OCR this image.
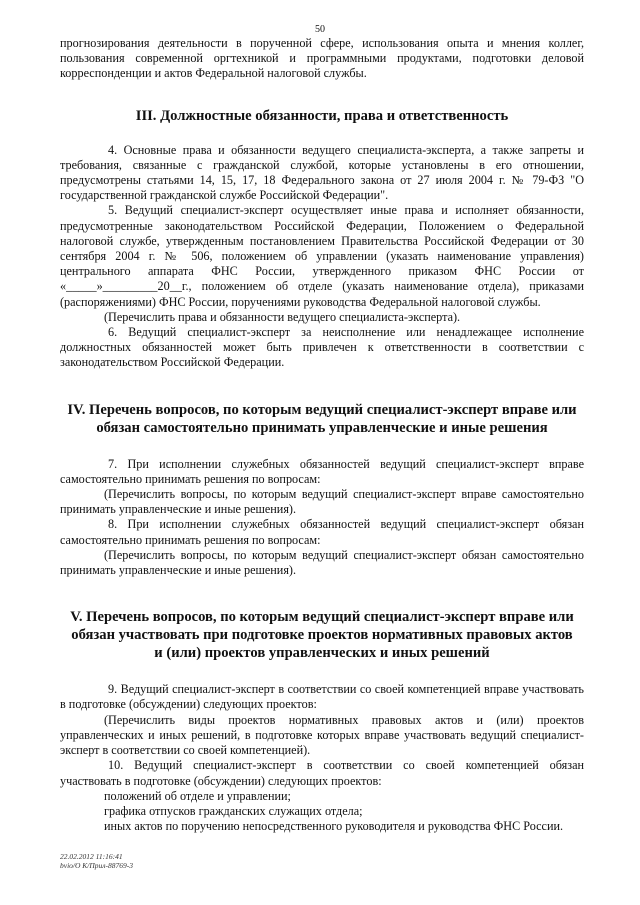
50

прогнозирования деятельности в порученной сфере, использования опыта и мнения коллег, пользования современной оргтехникой и программными продуктами, подготовки деловой корреспонденции и актов Федеральной налоговой службы.

III. Должностные обязанности, права и ответственность

4. Основные права и обязанности ведущего специалиста-эксперта, а также запреты и требования, связанные с гражданской службой, которые установлены в его отношении, предусмотрены статьями 14, 15, 17, 18 Федерального закона от 27 июля 2004 г. № 79-ФЗ "О государственной гражданской службе Российской Федерации".

5. Ведущий специалист-эксперт осуществляет иные права и исполняет обязанности, предусмотренные законодательством Российской Федерации, Положением о Федеральной налоговой службе, утвержденным постановлением Правительства Российской Федерации от 30 сентября 2004 г. № 506, положением об управлении (указать наименование управления) центрального аппарата ФНС России, утвержденного приказом ФНС России от «_____»_________20__г., положением об отделе (указать наименование отдела), приказами (распоряжениями) ФНС России, поручениями руководства Федеральной налоговой службы.

(Перечислить права и обязанности ведущего специалиста-эксперта).

6. Ведущий специалист-эксперт за неисполнение или ненадлежащее исполнение должностных обязанностей может быть привлечен к ответственности в соответствии с законодательством Российской Федерации.

IV. Перечень вопросов, по которым ведущий специалист-эксперт вправе или
обязан самостоятельно принимать управленческие и иные решения

7. При исполнении служебных обязанностей ведущий специалист-эксперт вправе самостоятельно принимать решения по вопросам:

(Перечислить вопросы, по которым ведущий специалист-эксперт вправе самостоятельно принимать управленческие и иные решения).

8. При исполнении служебных обязанностей ведущий специалист-эксперт обязан самостоятельно принимать решения по вопросам:

(Перечислить вопросы, по которым ведущий специалист-эксперт обязан самостоятельно принимать управленческие и иные решения).

V. Перечень вопросов, по которым ведущий специалист-эксперт вправе или
обязан участвовать при подготовке проектов нормативных правовых актов
и (или) проектов управленческих и иных решений

9. Ведущий специалист-эксперт в соответствии со своей компетенцией вправе участвовать в подготовке (обсуждении) следующих проектов:

(Перечислить виды проектов нормативных правовых актов и (или) проектов управленческих и иных решений, в подготовке которых вправе участвовать ведущий специалист-эксперт в соответствии со своей компетенцией).

10. Ведущий специалист-эксперт в соответствии со своей компетенцией обязан участвовать в подготовке (обсуждении) следующих проектов:

положений об отделе и управлении;

графика отпусков гражданских служащих отдела;

иных актов по поручению непосредственного руководителя и руководства ФНС России.

22.02.2012 11:16:41
bvio/O К/Прил-88769-3
